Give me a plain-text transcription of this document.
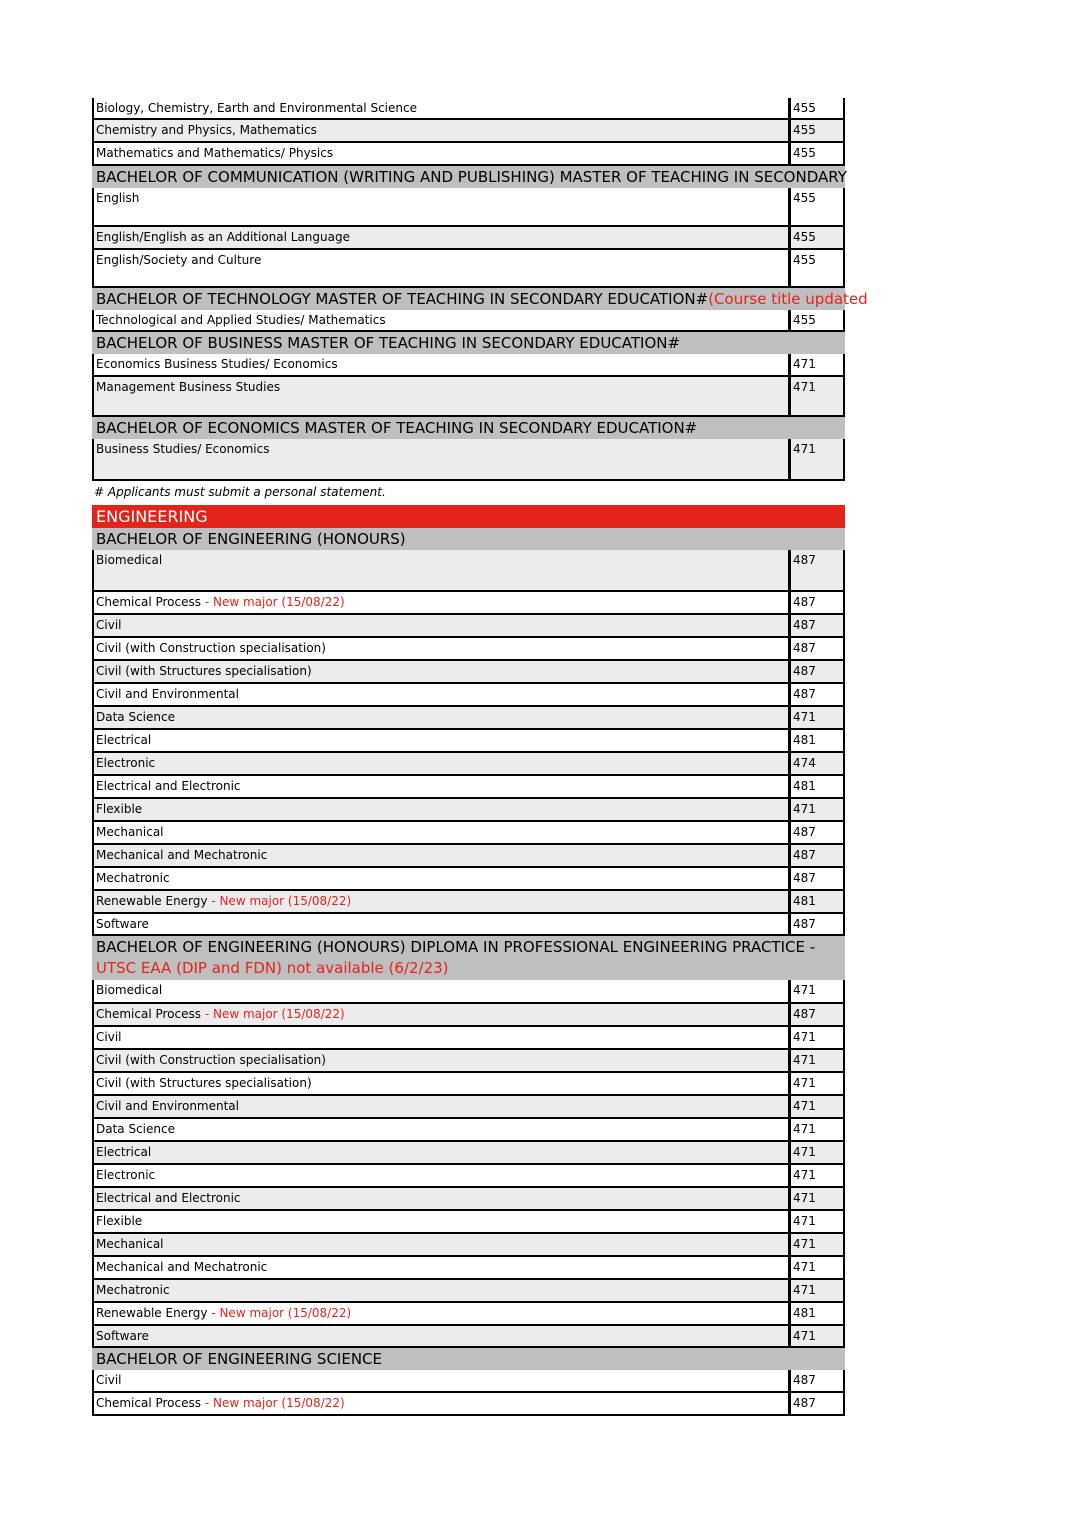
Biology, Chemistry, Earth and Environmental Science	455
Chemistry and Physics, Mathematics	455
Mathematics and Mathematics/ Physics	455
BACHELOR OF COMMUNICATION (WRITING AND PUBLISHING) MASTER OF TEACHING IN SECONDARY
English	455
English/English as an Additional Language	455
English/Society and Culture	455
BACHELOR OF TECHNOLOGY MASTER OF TEACHING IN SECONDARY EDUCATION# (Course title updated
Technological and Applied Studies/ Mathematics	455
BACHELOR OF BUSINESS MASTER OF TEACHING IN SECONDARY EDUCATION#
Economics Business Studies/ Economics	471
Management Business Studies	471
BACHELOR OF ECONOMICS MASTER OF TEACHING IN SECONDARY EDUCATION#
Business Studies/ Economics	471
# Applicants must submit a personal statement.
ENGINEERING
BACHELOR OF ENGINEERING (HONOURS)
Biomedical	487
Chemical Process - New major (15/08/22)	487
Civil	487
Civil (with Construction specialisation)	487
Civil (with Structures specialisation)	487
Civil and Environmental	487
Data Science	471
Electrical	481
Electronic	474
Electrical and Electronic	481
Flexible	471
Mechanical	487
Mechanical and Mechatronic	487
Mechatronic	487
Renewable Energy - New major (15/08/22)	481
Software	487
BACHELOR OF ENGINEERING (HONOURS) DIPLOMA IN PROFESSIONAL ENGINEERING PRACTICE - UTSC EAA (DIP and FDN) not available (6/2/23)
Biomedical	471
Chemical Process - New major (15/08/22)	487
Civil	471
Civil (with Construction specialisation)	471
Civil (with Structures specialisation)	471
Civil and Environmental	471
Data Science	471
Electrical	471
Electronic	471
Electrical and Electronic	471
Flexible	471
Mechanical	471
Mechanical and Mechatronic	471
Mechatronic	471
Renewable Energy - New major (15/08/22)	481
Software	471
BACHELOR OF ENGINEERING SCIENCE
Civil	487
Chemical Process - New major (15/08/22)	487
